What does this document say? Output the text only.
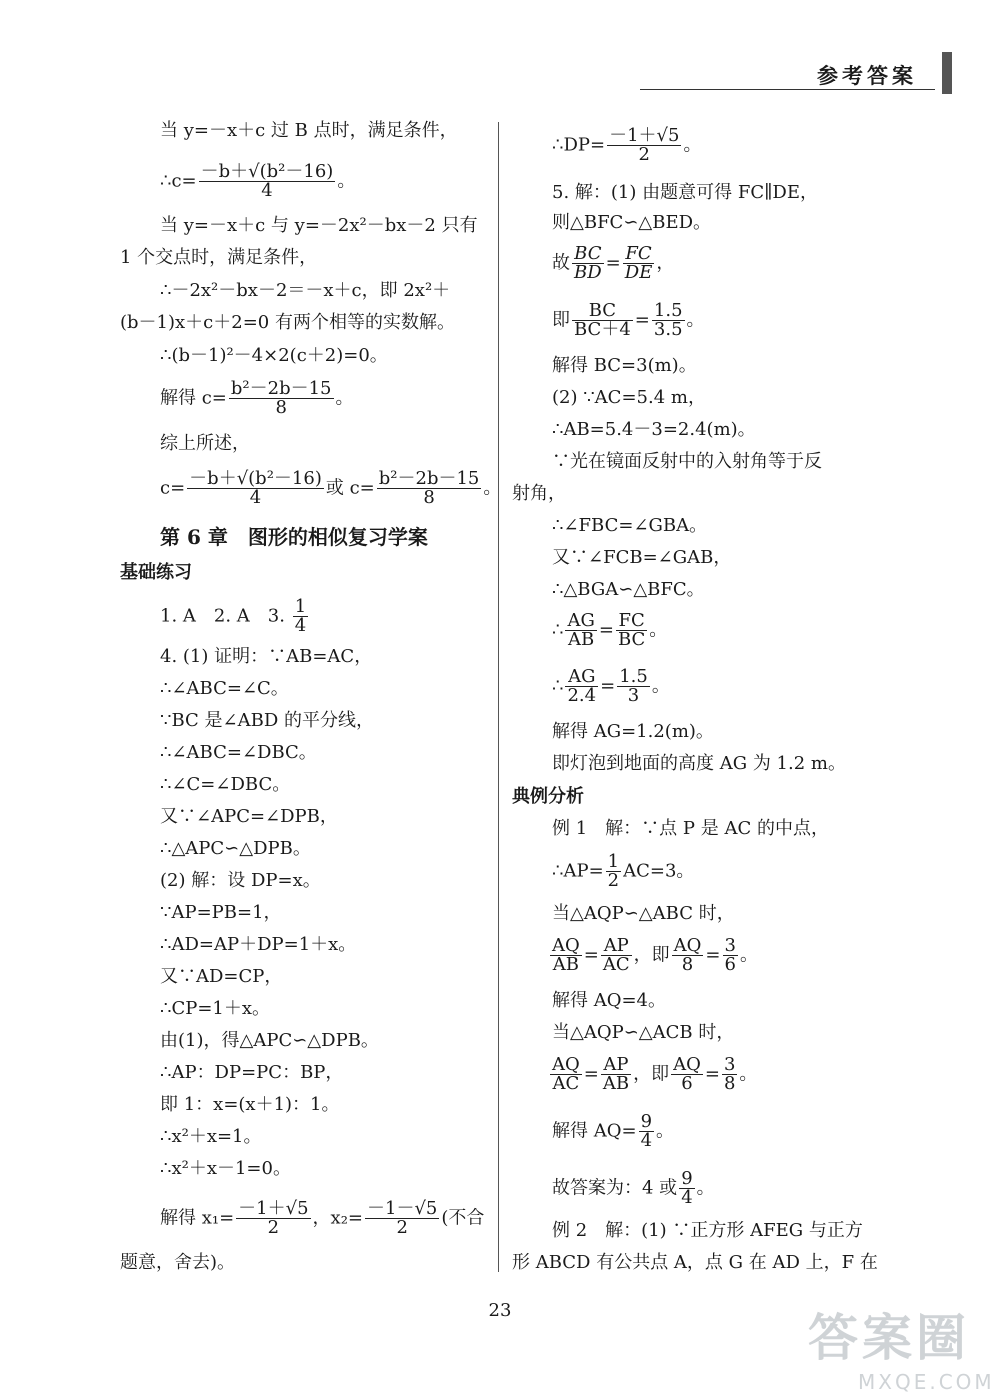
参考答案
当 y=－x＋c 过 B 点时，满足条件，
∴c= $\frac{\text{－b＋√(b²－16)}}{4}$ 。
当 y=－x＋c 与 y=－2x²－bx－2 只有
1 个交点时，满足条件，
∴－2x²－bx－2＝－x＋c，即 2x²＋
(b－1)x＋c＋2=0 有两个相等的实数解。
∴(b－1)²－4×2(c＋2)=0。
解得 $c= \frac{\text{b²－2b－15}}{8}$ 。
综上所述，
$c= \frac{\text{－b＋√(b²－16)}}{4}$ 或 $c= \frac{\text{b²－2b－15}}{8}$ 。
第 6 章　图形的相似复习学案
基础练习
1. A　2. A　3. $\frac{1}{4}$
4. (1) 证明：∵AB=AC，
∴∠ABC=∠C。
∵BC 是∠ABD 的平分线，
∴∠ABC=∠DBC。
∴∠C=∠DBC。
又∵∠APC=∠DPB，
∴△APC∽△DPB。
(2) 解：设 DP=x。
∵AP=PB=1，
∴AD=AP＋DP=1＋x。
又∵AD=CP，
∴CP=1＋x。
由(1)，得△APC∽△DPB。
∴AP：DP=PC：BP，
即 1：x=(x＋1)：1。
∴x²＋x=1。
∴x²＋x－1=0。
解得 $x_1= \frac{-1+√5}{2}$ ，$x_2= \frac{-1-√5}{2}$ (不合
题意，舍去)。
∴DP= $\frac{-1+√5}{2}$ 。
5. 解：(1) 由题意可得 FC∥DE，
则△BFC∽△BED。
故 $\frac{BC}{BD} = \frac{FC}{DE}$ ，
即 $\frac{BC}{BC+4} = \frac{1.5}{3.5}$ 。
解得 BC=3(m)。
(2) ∵AC=5.4 m，
∴AB=5.4－3=2.4(m)。
∵光在镜面反射中的入射角等于反
射角，
∴∠FBC=∠GBA。
又∵∠FCB=∠GAB，
∴△BGA∽△BFC。
∴ $\frac{AG}{AB} = \frac{FC}{BC}$ 。
∴ $\frac{AG}{2.4} = \frac{1.5}{3}$ 。
解得 AG=1.2(m)。
即灯泡到地面的高度 AG 为 1.2 m。
典例分析
例 1　解：∵点 P 是 AC 的中点，
∴AP= $\frac{1}{2} AC=3$。
当△AQP∽△ABC 时，
$\frac{AQ}{AB} = \frac{AP}{AC}$ ，即 $\frac{AQ}{8} = \frac{3}{6}$ 。
解得 AQ=4。
当△AQP∽△ACB 时，
$\frac{AQ}{AC} = \frac{AP}{AB}$ ，即 $\frac{AQ}{6} = \frac{3}{8}$ 。
解得 $AQ= \frac{9}{4}$ 。
故答案为：4 或 $\frac{9}{4}$ 。
例 2　解：(1) ∵正方形 AFEG 与正方
形 ABCD 有公共点 A，点 G 在 AD 上，F 在
23	答案圈
MXQE.COM
